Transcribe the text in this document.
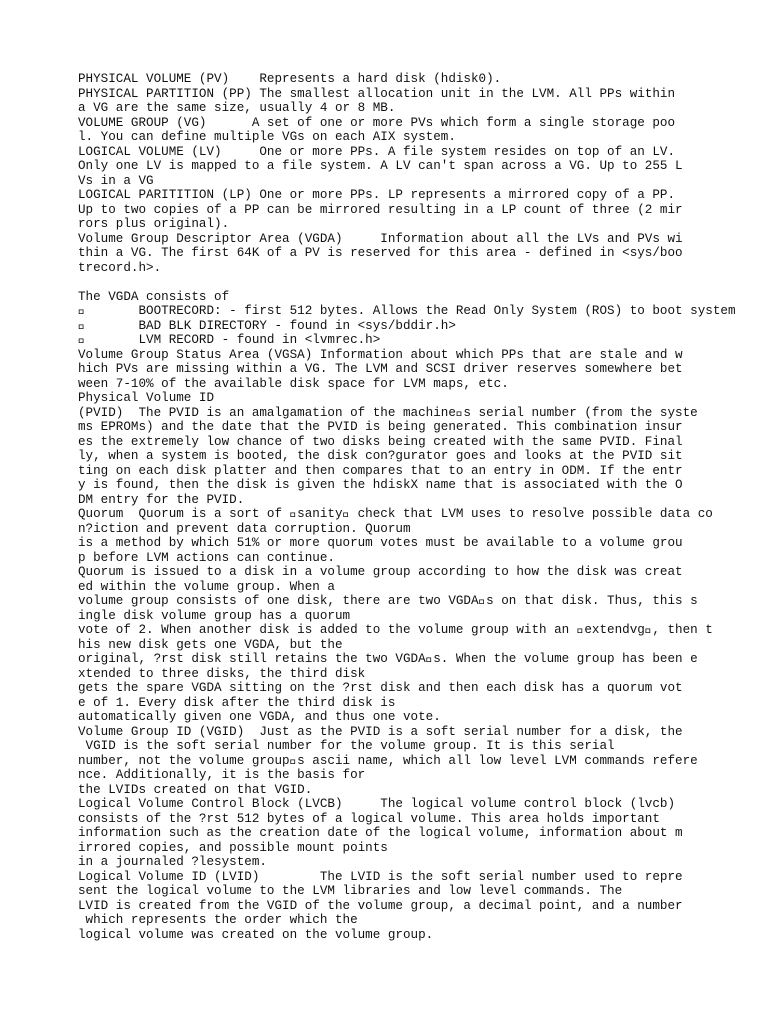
PHYSICAL VOLUME (PV)    Represents a hard disk (hdisk0).
PHYSICAL PARTITION (PP) The smallest allocation unit in the LVM. All PPs within
a VG are the same size, usually 4 or 8 MB.
VOLUME GROUP (VG)      A set of one or more PVs which form a single storage poo
l. You can define multiple VGs on each AIX system.
LOGICAL VOLUME (LV)     One or more PPs. A file system resides on top of an LV.
Only one LV is mapped to a file system. A LV can't span across a VG. Up to 255 L
Vs in a VG
LOGICAL PARITITION (LP) One or more PPs. LP represents a mirrored copy of a PP.
Up to two copies of a PP can be mirrored resulting in a LP count of three (2 mir
rors plus original).
Volume Group Descriptor Area (VGDA)     Information about all the LVs and PVs wi
thin a VG. The first 64K of a PV is reserved for this area - defined in <sys/boo
trecord.h>.
The VGDA consists of
BOOTRECORD: - first 512 bytes. Allows the Read Only System (ROS) to boot system
BAD BLK DIRECTORY - found in <sys/bddir.h>
LVM RECORD - found in <lvmrec.h>
Volume Group Status Area (VGSA) Information about which PPs that are stale and w
hich PVs are missing within a VG. The LVM and SCSI driver reserves somewhere bet
ween 7-10% of the available disk space for LVM maps, etc.
Physical Volume ID
(PVID)  The PVID is an amalgamation of the machine s serial number (from the syste
ms EPROMs) and the date that the PVID is being generated. This combination insur
es the extremely low chance of two disks being created with the same PVID. Final
ly, when a system is booted, the disk con?gurator goes and looks at the PVID sit
ting on each disk platter and then compares that to an entry in ODM. If the entr
y is found, then the disk is given the hdiskX name that is associated with the O
DM entry for the PVID.
Quorum  Quorum is a sort of  sanity  check that LVM uses to resolve possible data co
n?iction and prevent data corruption. Quorum
is a method by which 51% or more quorum votes must be available to a volume grou
p before LVM actions can continue.
Quorum is issued to a disk in a volume group according to how the disk was creat
ed within the volume group. When a
volume group consists of one disk, there are two VGDA s on that disk. Thus, this s
ingle disk volume group has a quorum
vote of 2. When another disk is added to the volume group with an  extendvg , then t
his new disk gets one VGDA, but the
original, ?rst disk still retains the two VGDA s. When the volume group has been e
xtended to three disks, the third disk
gets the spare VGDA sitting on the ?rst disk and then each disk has a quorum vot
e of 1. Every disk after the third disk is
automatically given one VGDA, and thus one vote.
Volume Group ID (VGID)  Just as the PVID is a soft serial number for a disk, the
VGID is the soft serial number for the volume group. It is this serial
number, not the volume group s ascii name, which all low level LVM commands refere
nce. Additionally, it is the basis for
the LVIDs created on that VGID.
Logical Volume Control Block (LVCB)     The logical volume control block (lvcb)
consists of the ?rst 512 bytes of a logical volume. This area holds important
information such as the creation date of the logical volume, information about m
irrored copies, and possible mount points
in a journaled ?lesystem.
Logical Volume ID (LVID)        The LVID is the soft serial number used to repre
sent the logical volume to the LVM libraries and low level commands. The
LVID is created from the VGID of the volume group, a decimal point, and a number
which represents the order which the
logical volume was created on the volume group.
